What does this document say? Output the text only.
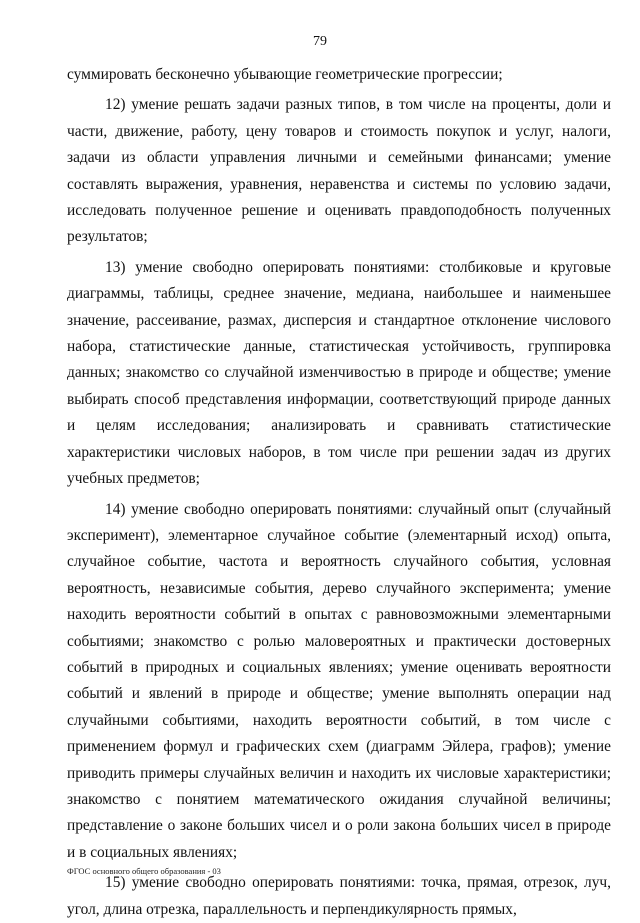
79

суммировать бесконечно убывающие геометрические прогрессии;

12) умение решать задачи разных типов, в том числе на проценты, доли и части, движение, работу, цену товаров и стоимость покупок и услуг, налоги, задачи из области управления личными и семейными финансами; умение составлять выражения, уравнения, неравенства и системы по условию задачи, исследовать полученное решение и оценивать правдоподобность полученных результатов;

13) умение свободно оперировать понятиями: столбиковые и круговые диаграммы, таблицы, среднее значение, медиана, наибольшее и наименьшее значение, рассеивание, размах, дисперсия и стандартное отклонение числового набора, статистические данные, статистическая устойчивость, группировка данных; знакомство со случайной изменчивостью в природе и обществе; умение выбирать способ представления информации, соответствующий природе данных и целям исследования; анализировать и сравнивать статистические характеристики числовых наборов, в том числе при решении задач из других учебных предметов;

14) умение свободно оперировать понятиями: случайный опыт (случайный эксперимент), элементарное случайное событие (элементарный исход) опыта, случайное событие, частота и вероятность случайного события, условная вероятность, независимые события, дерево случайного эксперимента; умение находить вероятности событий в опытах с равновозможными элементарными событиями; знакомство с ролью маловероятных и практически достоверных событий в природных и социальных явлениях; умение оценивать вероятности событий и явлений в природе и обществе; умение выполнять операции над случайными событиями, находить вероятности событий, в том числе с применением формул и графических схем (диаграмм Эйлера, графов); умение приводить примеры случайных величин и находить их числовые характеристики; знакомство с понятием математического ожидания случайной величины; представление о законе больших чисел и о роли закона больших чисел в природе и в социальных явлениях;

15) умение свободно оперировать понятиями: точка, прямая, отрезок, луч, угол, длина отрезка, параллельность и перпендикулярность прямых,

ФГОС основного общего образования - 03
